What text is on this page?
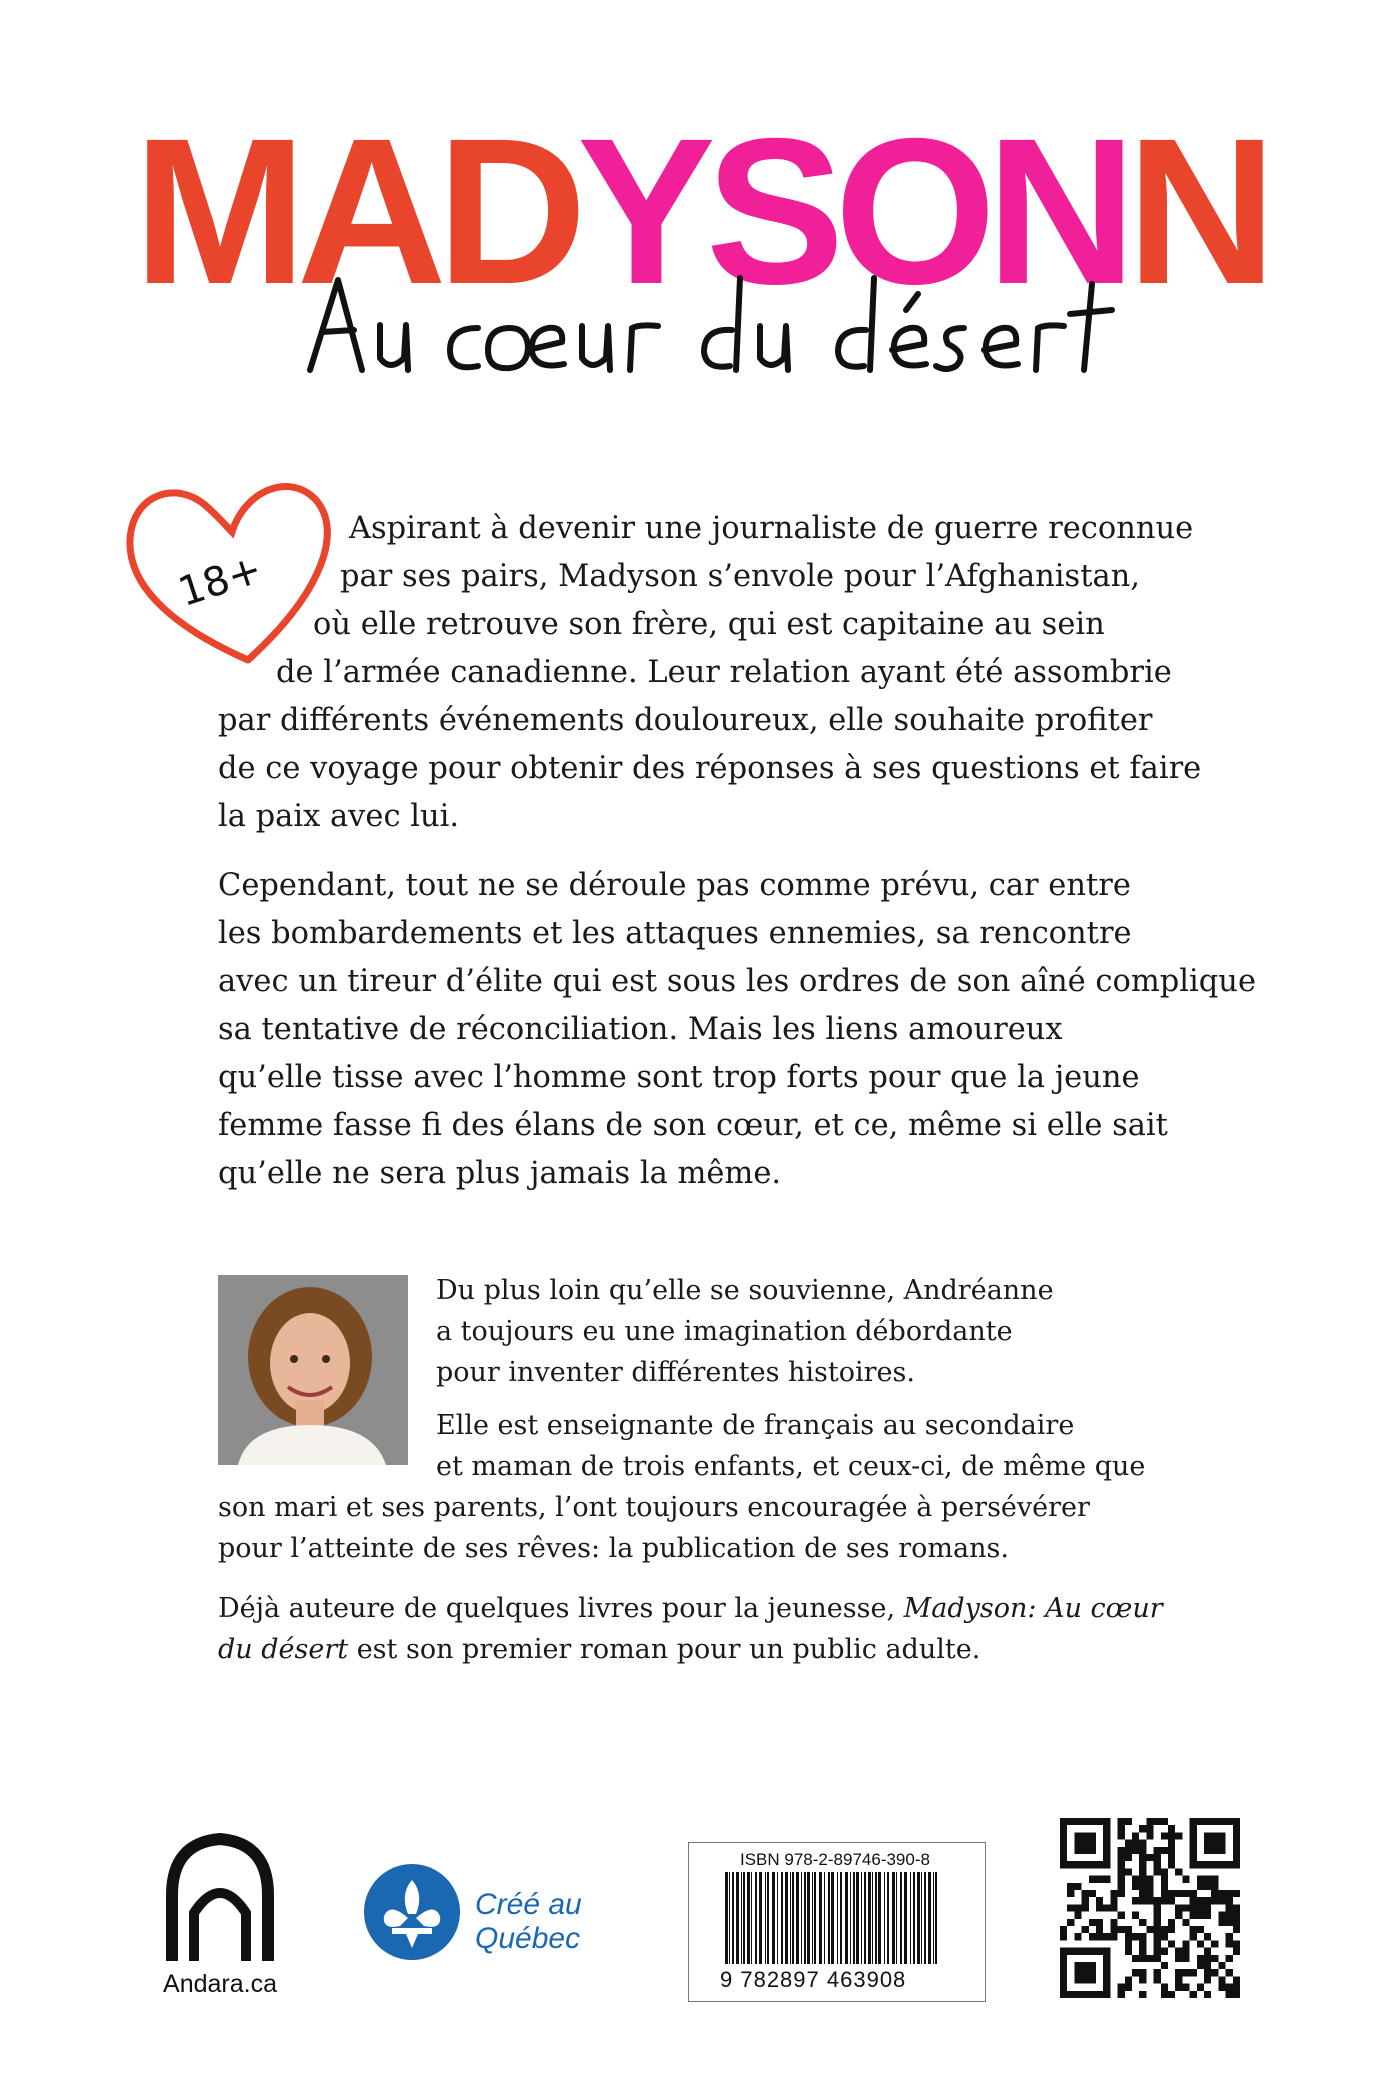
MADYSONN
18+
Aspirant à devenir une journaliste de guerre reconnue
par ses pairs, Madyson s’envole pour l’Afghanistan,
où elle retrouve son frère, qui est capitaine au sein
de l’armée canadienne. Leur relation ayant été assombrie
par différents événements douloureux, elle souhaite profiter
de ce voyage pour obtenir des réponses à ses questions et faire
la paix avec lui.
Cependant, tout ne se déroule pas comme prévu, car entre
les bombardements et les attaques ennemies, sa rencontre
avec un tireur d’élite qui est sous les ordres de son aîné complique
sa tentative de réconciliation. Mais les liens amoureux
qu’elle tisse avec l’homme sont trop forts pour que la jeune
femme fasse fi des élans de son cœur, et ce, même si elle sait
qu’elle ne sera plus jamais la même.
Du plus loin qu’elle se souvienne, Andréanne
a toujours eu une imagination débordante
pour inventer différentes histoires.
Elle est enseignante de français au secondaire
et maman de trois enfants, et ceux-ci, de même que
son mari et ses parents, l’ont toujours encouragée à persévérer
pour l’atteinte de ses rêves: la publication de ses romans.
Déjà auteure de quelques livres pour la jeunesse, Madyson: Au cœur
du désert est son premier roman pour un public adulte.
Andara.ca
Créé au
Québec
ISBN 978-2-89746-390-8
9 782897 463908
